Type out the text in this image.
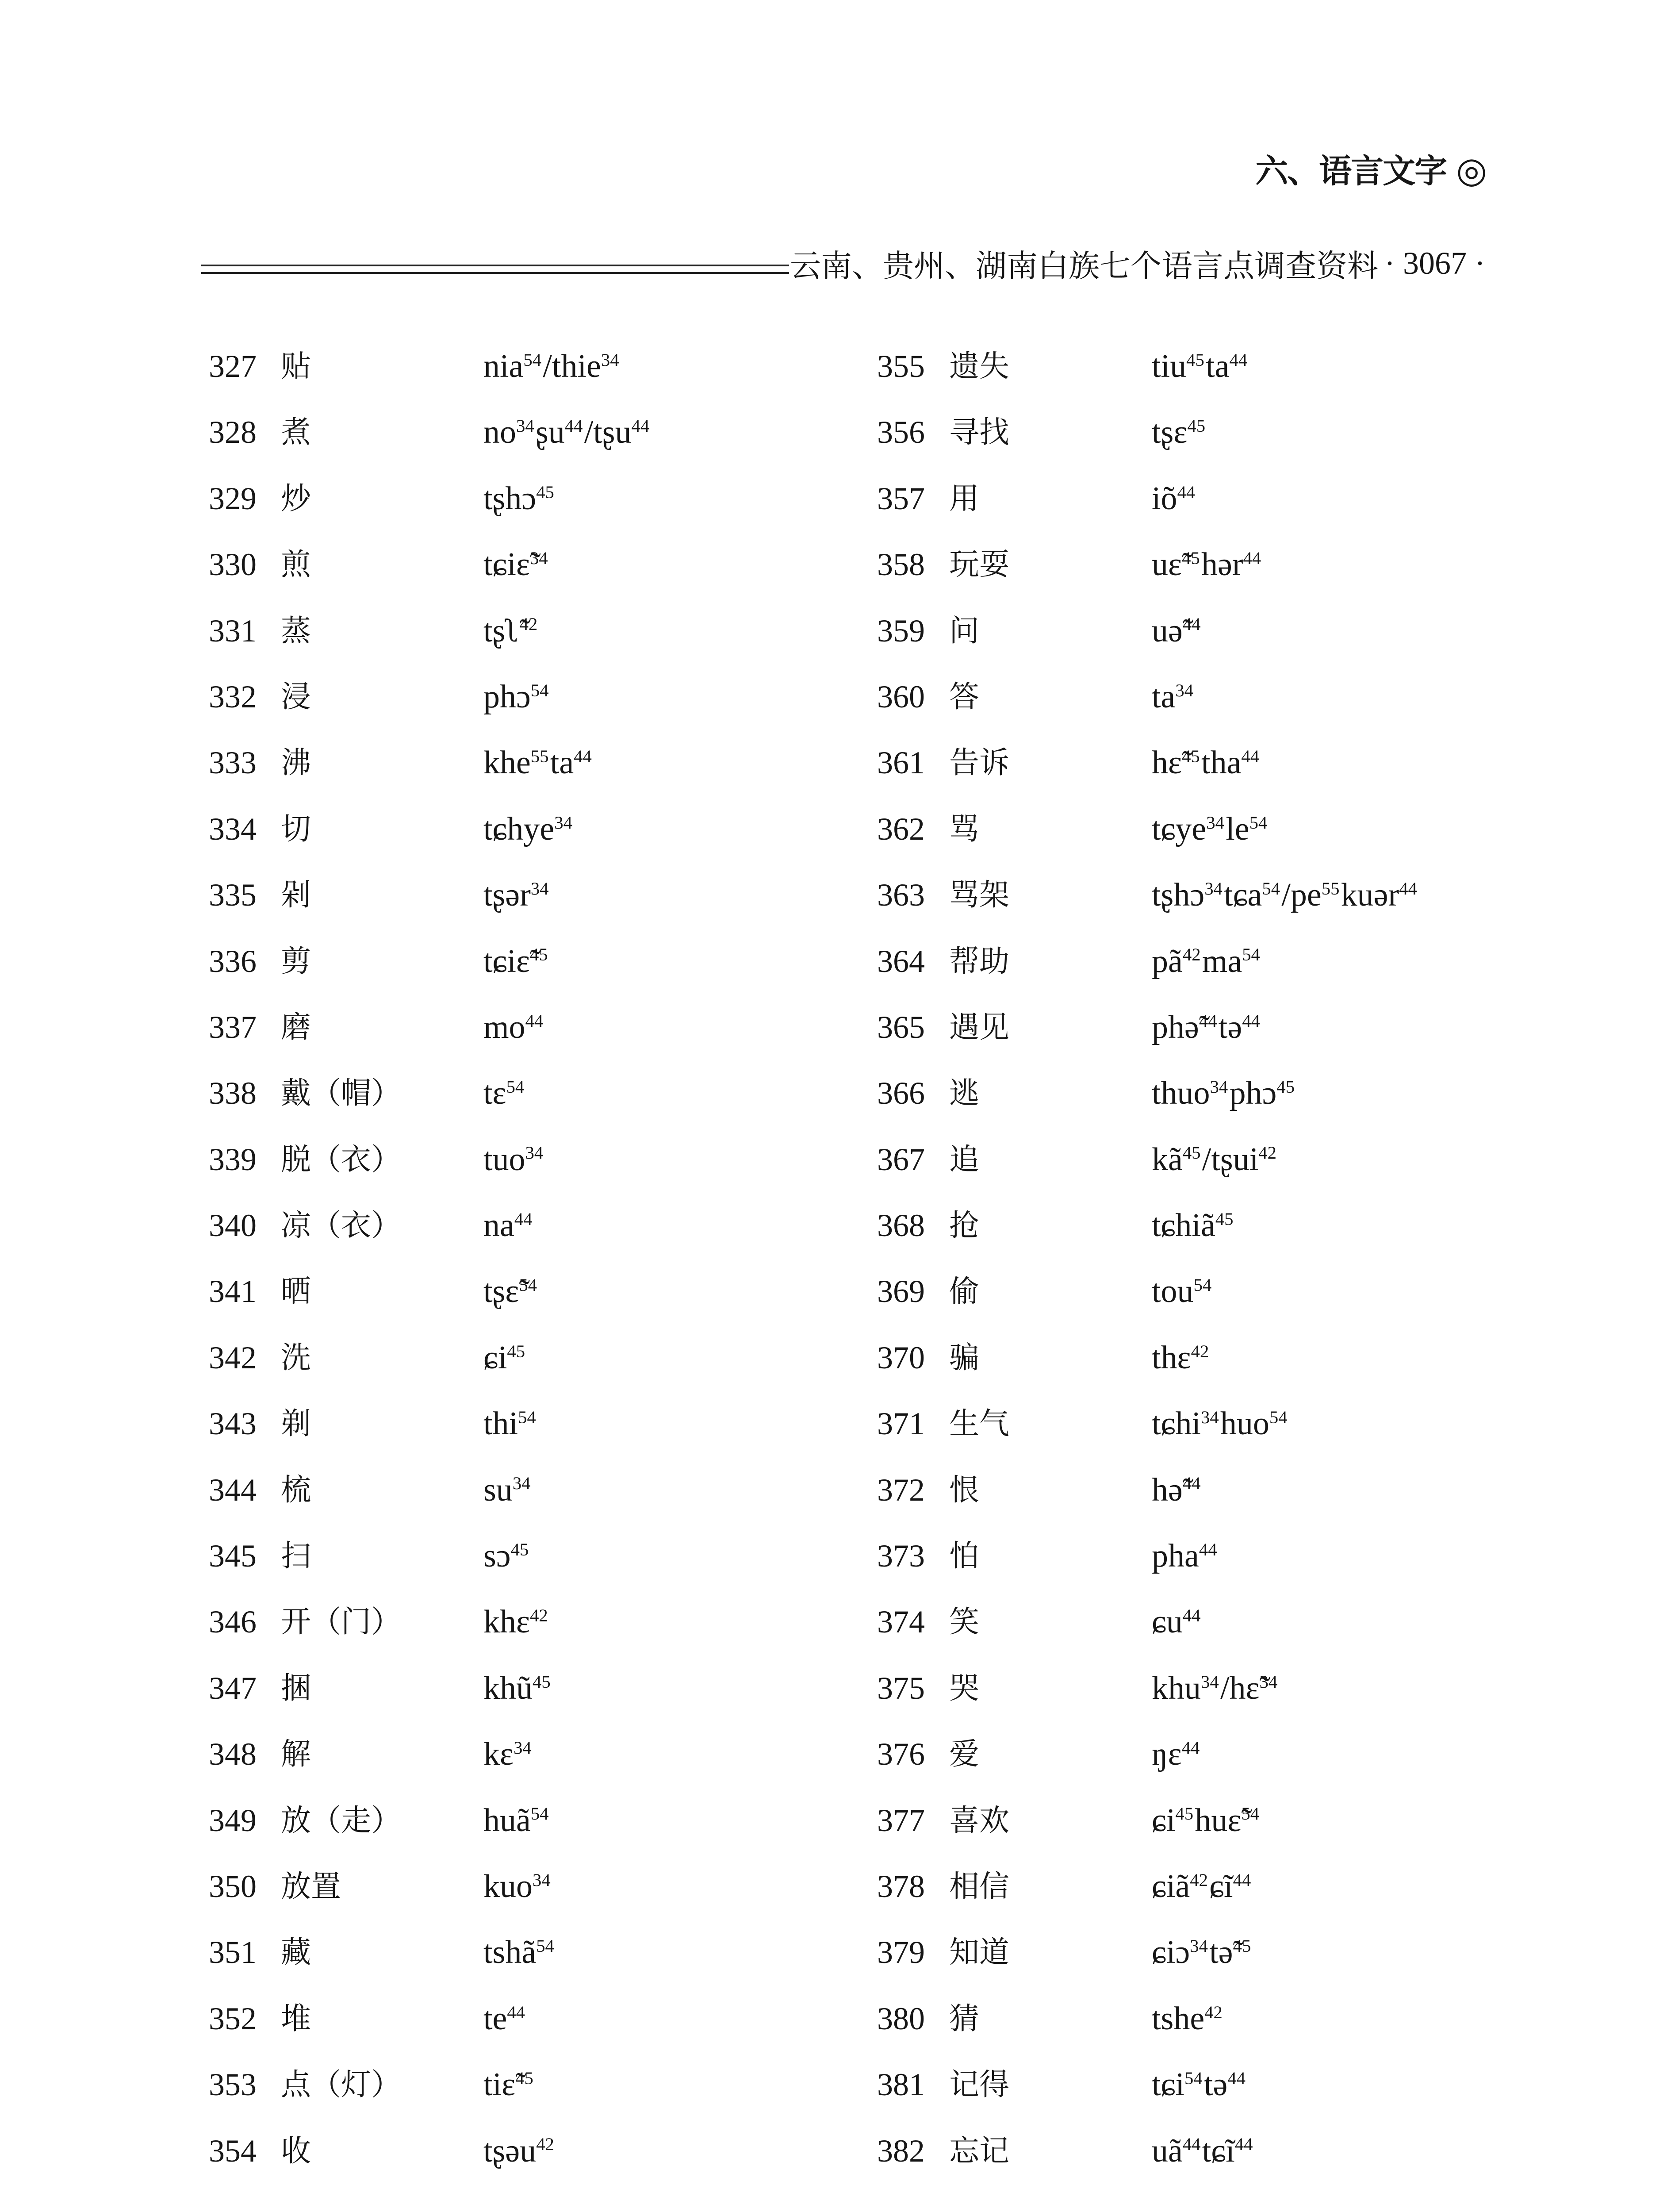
六、语言文字 ◎
云南、贵州、湖南白族七个语言点调查资料 · 3067 ·
327 贴	nia$^{54}$/thie$^{34}$
328 煮	$no^{34}ʂu^{44}/tʂu^{44}$
329 炒	tʂhɔ$^{45}$
330 煎	tɕiɛ̃$^{34}$
331 蒸	tʂʅ̃$^{42}$
332 浸	phɔ$^{54}$
333 沸	$khe^{55}ta^{44}$
334 切	tɕhye$^{34}$
335 剁	tʂər$^{34}$
336 剪	tɕiɛ̃$^{45}$
337 磨	$mo^{44}$
338 戴（帽）	tɛ$^{54}$
339 脱（衣）	tuo$^{34}$
340 凉（衣）	$na^{44}$
341 晒	tʂɛ̃$^{54}$
342 洗	ɕi$^{45}$
343 剃	thi$^{54}$
344 梳	$su^{34}$
345 扫	sɔ$^{45}$
346 开（门）	khɛ$^{42}$
347 捆	khũ$^{45}$
348 解	kɛ$^{34}$
349 放（走）	huã$^{54}$
350 放置	kuo$^{34}$
351 藏	tshã$^{54}$
352 堆	$te^{44}$
353 点（灯）	tiɛ̃$^{45}$
354 收	tʂəu$^{42}$
355 遗失	$tiu^{45}ta^{44}$
356 寻找	tʂɛ$^{45}$
357 用	$iõ^{44}$
358 玩耍	uɛ̃$^{45}$hər$^{44}$
359 问	uə̃$^{44}$
360 答	$ta^{34}$
361 告诉	hɛ̃$^{45}$tha$^{44}$
362 骂	$tɕye^{34}le^{54}$
363 骂架	$tʂhɔ^{34}tɕa^{54}/pe^{55}kuər^{44}$
364 帮助	$pã^{42}ma^{54}$
365 遇见	phə̃$^{44}$tə$^{44}$
366 逃	thuo$^{34}$phɔ$^{45}$
367 追	$kã^{45}/tʂui^{42}$
368 抢	tɕhiã$^{45}$
369 偷	tou$^{54}$
370 骗	thɛ$^{42}$
371 生气	tɕhi$^{34}$huo$^{54}$
372 恨	hə̃$^{44}$
373 怕	pha$^{44}$
374 笑	ɕu$^{44}$
375 哭	khu$^{34}$/hɛ̃$^{34}$
376 爱	ŋɛ$^{44}$
377 喜欢	ɕi$^{45}$huɛ̃$^{54}$
378 相信	ɕiã$^{42}$ɕĩ$^{44}$
379 知道	ɕiɔ$^{34}$tə̃$^{45}$
380 猜	tshe$^{42}$
381 记得	tɕi$^{54}$tə$^{44}$
382 忘记	$uã^{44}tɕĩ^{44}$
